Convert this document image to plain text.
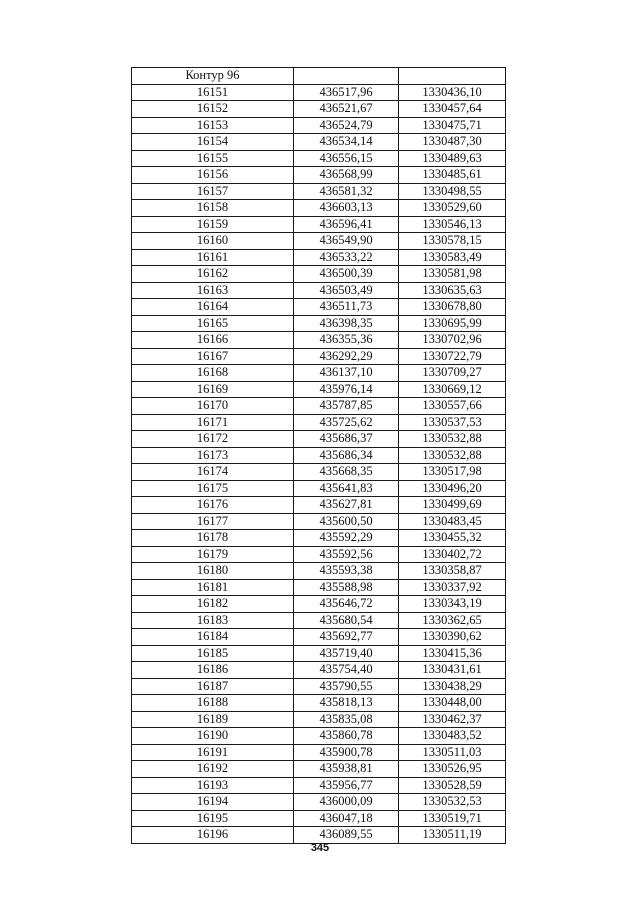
Контур 96		
16151	436517,96	1330436,10
16152	436521,67	1330457,64
16153	436524,79	1330475,71
16154	436534,14	1330487,30
16155	436556,15	1330489,63
16156	436568,99	1330485,61
16157	436581,32	1330498,55
16158	436603,13	1330529,60
16159	436596,41	1330546,13
16160	436549,90	1330578,15
16161	436533,22	1330583,49
16162	436500,39	1330581,98
16163	436503,49	1330635,63
16164	436511,73	1330678,80
16165	436398,35	1330695,99
16166	436355,36	1330702,96
16167	436292,29	1330722,79
16168	436137,10	1330709,27
16169	435976,14	1330669,12
16170	435787,85	1330557,66
16171	435725,62	1330537,53
16172	435686,37	1330532,88
16173	435686,34	1330532,88
16174	435668,35	1330517,98
16175	435641,83	1330496,20
16176	435627,81	1330499,69
16177	435600,50	1330483,45
16178	435592,29	1330455,32
16179	435592,56	1330402,72
16180	435593,38	1330358,87
16181	435588,98	1330337,92
16182	435646,72	1330343,19
16183	435680,54	1330362,65
16184	435692,77	1330390,62
16185	435719,40	1330415,36
16186	435754,40	1330431,61
16187	435790,55	1330438,29
16188	435818,13	1330448,00
16189	435835,08	1330462,37
16190	435860,78	1330483,52
16191	435900,78	1330511,03
16192	435938,81	1330526,95
16193	435956,77	1330528,59
16194	436000,09	1330532,53
16195	436047,18	1330519,71
16196	436089,55	1330511,19
345
